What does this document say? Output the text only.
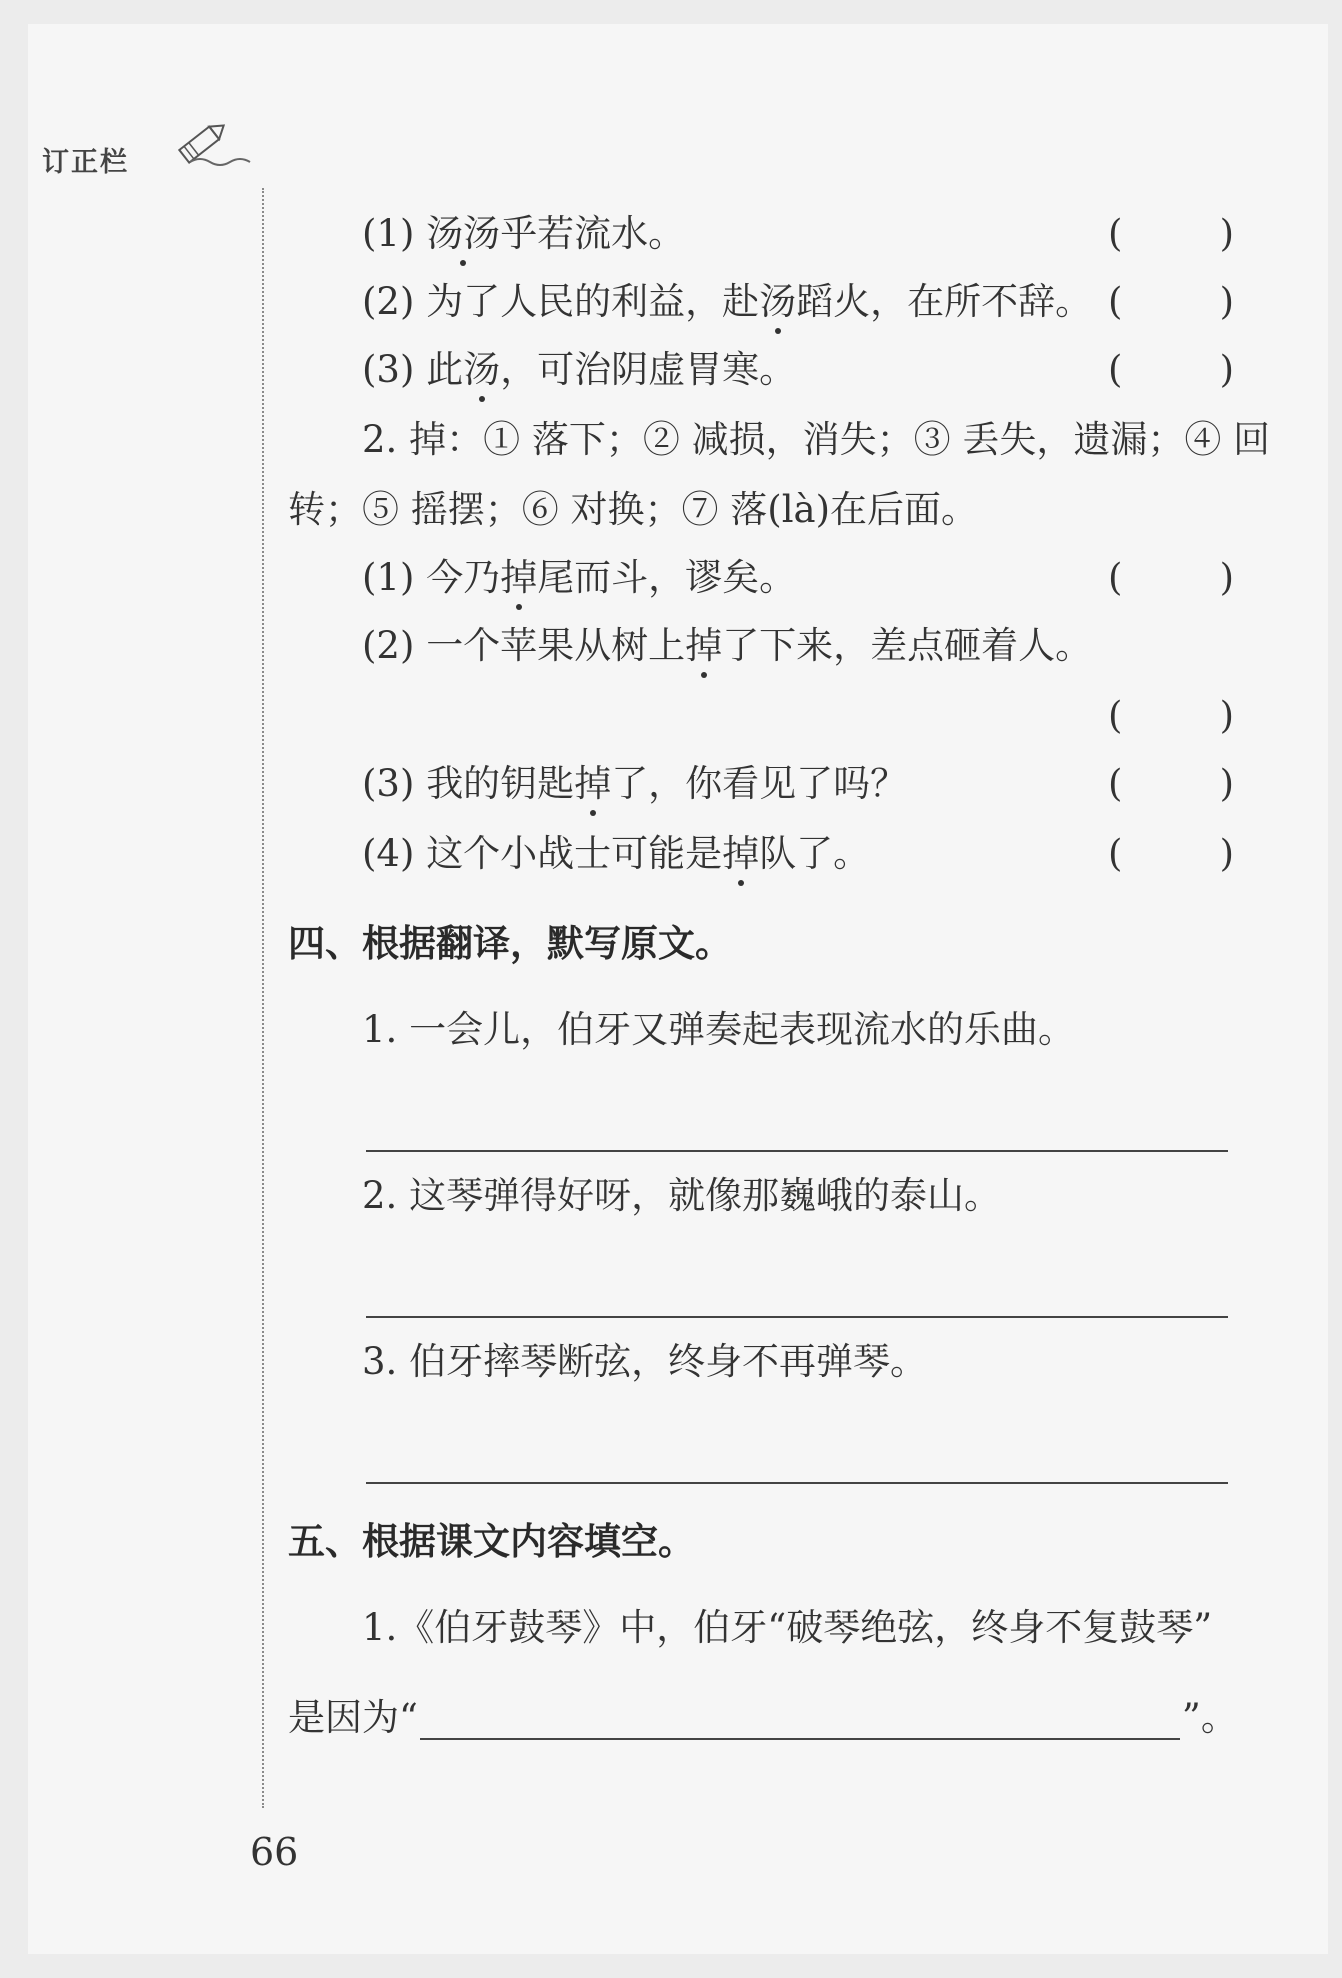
订正栏
(1) 汤汤乎若流水。	(	)
(2) 为了人民的利益，赴汤蹈火，在所不辞。 (	)
(3) 此汤，可治阴虚胃寒。	(	)
2. 掉：① 落下；② 减损，消失；③ 丢失，遗漏；④ 回
转；⑤ 摇摆；⑥ 对换；⑦ 落(là)在后面。
(1) 今乃掉尾而斗，谬矣。	(	)
(2) 一个苹果从树上掉了下来，差点砸着人。
(	)
(3) 我的钥匙掉了，你看见了吗？	(	)
(4) 这个小战士可能是掉队了。	(	)
四、根据翻译，默写原文。
1. 一会儿，伯牙又弹奏起表现流水的乐曲。
2. 这琴弹得好呀，就像那巍峨的泰山。
3. 伯牙摔琴断弦，终身不再弹琴。
五、根据课文内容填空。
1.《伯牙鼓琴》中，伯牙“破琴绝弦，终身不复鼓琴”
是因为“	”。
66
